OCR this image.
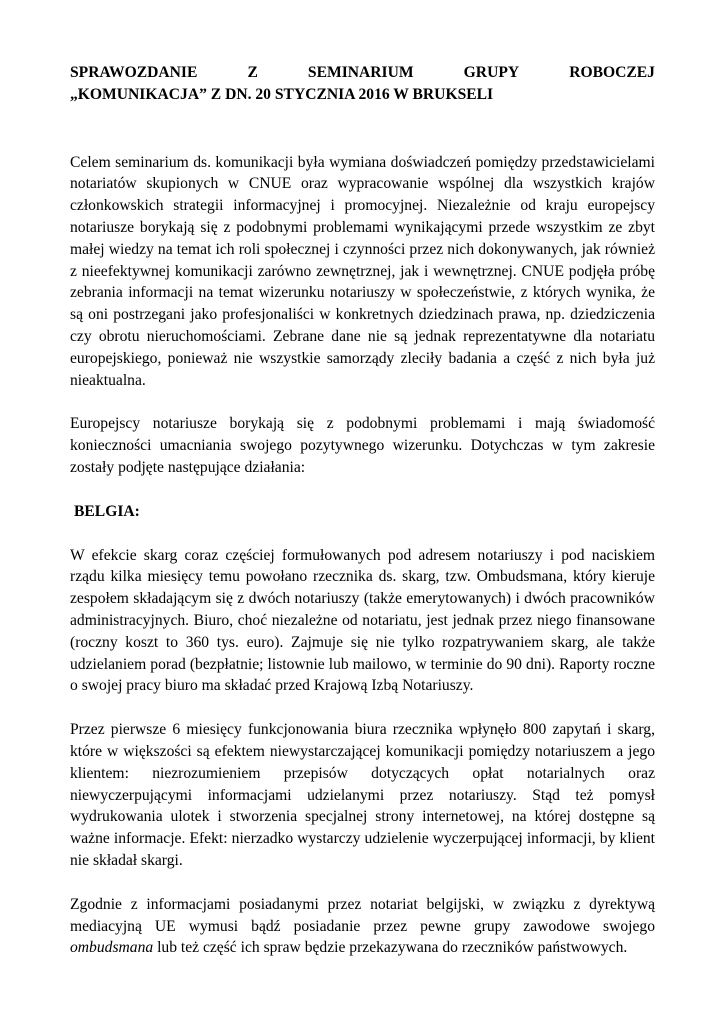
SPRAWOZDANIE	Z	SEMINARIUM	GRUPY	ROBOCZEJ
„KOMUNIKACJA” Z DN. 20 STYCZNIA 2016 W BRUKSELI

Celem seminarium ds. komunikacji była wymiana doświadczeń pomiędzy przedstawicielami notariatów skupionych w CNUE oraz wypracowanie wspólnej dla wszystkich krajów członkowskich strategii informacyjnej i promocyjnej. Niezależnie od kraju europejscy notariusze borykają się z podobnymi problemami wynikającymi przede wszystkim ze zbyt małej wiedzy na temat ich roli społecznej i czynności przez nich dokonywanych, jak również z nieefektywnej komunikacji zarówno zewnętrznej, jak i wewnętrznej. CNUE podjęła próbę zebrania informacji na temat wizerunku notariuszy w społeczeństwie, z których wynika, że są oni postrzegani jako profesjonaliści w konkretnych dziedzinach prawa, np. dziedziczenia czy obrotu nieruchomościami. Zebrane dane nie są jednak reprezentatywne dla notariatu europejskiego, ponieważ nie wszystkie samorządy zleciły badania a część z nich była już nieaktualna.

Europejscy notariusze borykają się z podobnymi problemami i mają świadomość konieczności umacniania swojego pozytywnego wizerunku. Dotychczas w tym zakresie zostały podjęte następujące działania:

BELGIA:

W efekcie skarg coraz częściej formułowanych pod adresem notariuszy i pod naciskiem rządu kilka miesięcy temu powołano rzecznika ds. skarg, tzw. Ombudsmana, który kieruje zespołem składającym się z dwóch notariuszy (także emerytowanych) i dwóch pracowników administracyjnych. Biuro, choć niezależne od notariatu, jest jednak przez niego finansowane (roczny koszt to 360 tys. euro). Zajmuje się nie tylko rozpatrywaniem skarg, ale także udzielaniem porad (bezpłatnie; listownie lub mailowo, w terminie do 90 dni). Raporty roczne o swojej pracy biuro ma składać przed Krajową Izbą Notariuszy.

Przez pierwsze 6 miesięcy funkcjonowania biura rzecznika wpłynęło 800 zapytań i skarg, które w większości są efektem niewystarczającej komunikacji pomiędzy notariuszem a jego klientem: niezrozumieniem przepisów dotyczących opłat notarialnych oraz niewyczerpującymi informacjami udzielanymi przez notariuszy. Stąd też pomysł wydrukowania ulotek i stworzenia specjalnej strony internetowej, na której dostępne są ważne informacje. Efekt: nierzadko wystarczy udzielenie wyczerpującej informacji, by klient nie składał skargi.

Zgodnie z informacjami posiadanymi przez notariat belgijski, w związku z dyrektywą mediacyjną UE wymusi bądź posiadanie przez pewne grupy zawodowe swojego ombudsmana lub też część ich spraw będzie przekazywana do rzeczników państwowych.
